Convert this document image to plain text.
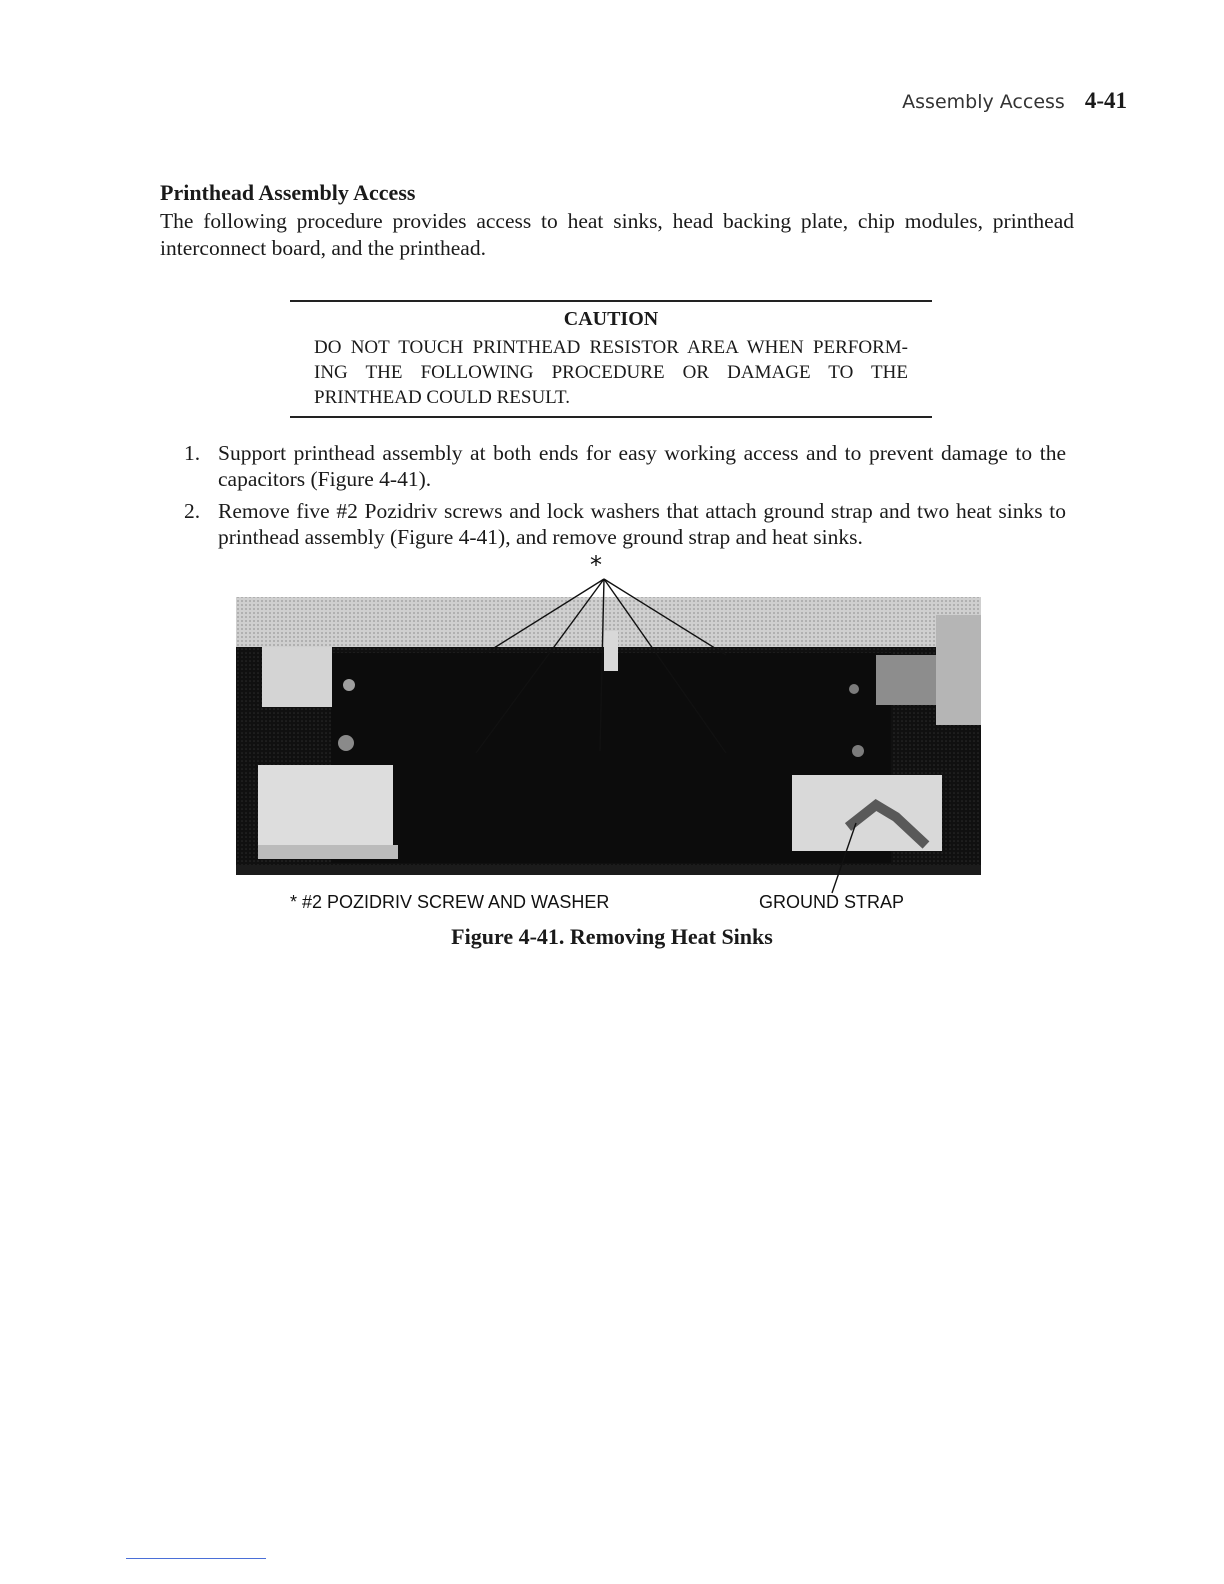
Assembly Access 4-41
Printhead Assembly Access

The following procedure provides access to heat sinks, head backing plate, chip modules, printhead interconnect board, and the printhead.

CAUTION
DO NOT TOUCH PRINTHEAD RESISTOR AREA WHEN PERFORM-ING THE FOLLOWING PROCEDURE OR DAMAGE TO THE PRINTHEAD COULD RESULT.
1. Support printhead assembly at both ends for easy working access and to prevent damage to the capacitors (Figure 4-41).
2. Remove five #2 Pozidriv screws and lock washers that attach ground strap and two heat sinks to printhead assembly (Figure 4-41), and remove ground strap and heat sinks.
*
* #2 POZIDRIV SCREW AND WASHER	GROUND STRAP
Figure 4-41. Removing Heat Sinks
